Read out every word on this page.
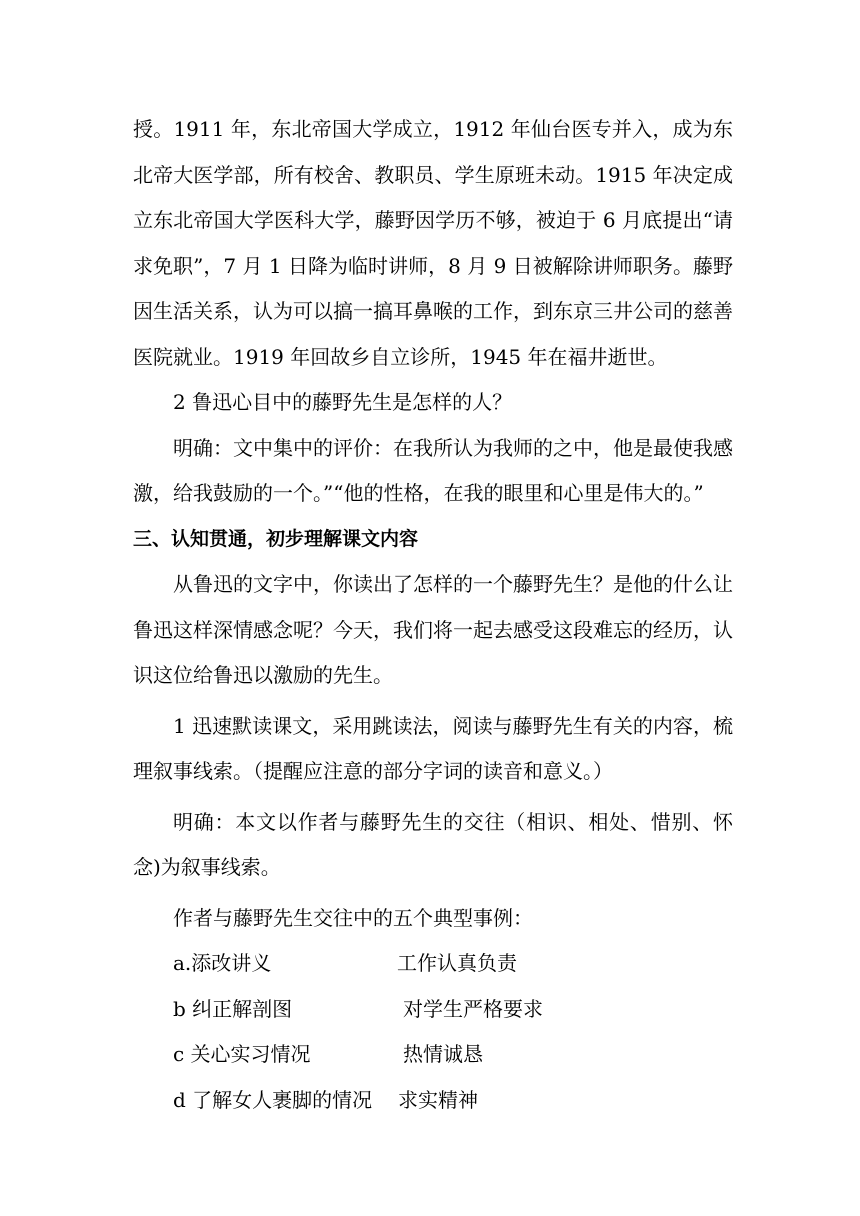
授。1911 年，东北帝国大学成立，1912 年仙台医专并入，成为东北帝大医学部，所有校舍、教职员、学生原班未动。1915 年决定成立东北帝国大学医科大学，藤野因学历不够，被迫于 6 月底提出“请求免职”，7 月 1 日降为临时讲师，8 月 9 日被解除讲师职务。藤野因生活关系，认为可以搞一搞耳鼻喉的工作，到东京三井公司的慈善医院就业。1919 年回故乡自立诊所，1945 年在福井逝世。

2 鲁迅心目中的藤野先生是怎样的人？

明确：文中集中的评价：在我所认为我师的之中，他是最使我感激，给我鼓励的一个。”“他的性格，在我的眼里和心里是伟大的。”

三、认知贯通，初步理解课文内容

从鲁迅的文字中，你读出了怎样的一个藤野先生？是他的什么让鲁迅这样深情感念呢？今天，我们将一起去感受这段难忘的经历，认识这位给鲁迅以激励的先生。

1 迅速默读课文，采用跳读法，阅读与藤野先生有关的内容，梳理叙事线索。（提醒应注意的部分字词的读音和意义。）

明确：本文以作者与藤野先生的交往（相识、相处、惜别、怀念)为叙事线索。

作者与藤野先生交往中的五个典型事例：

a.添改讲义	工作认真负责
b 纠正解剖图	对学生严格要求
c 关心实习情况	热情诚恳
d 了解女人裹脚的情况 求实精神
